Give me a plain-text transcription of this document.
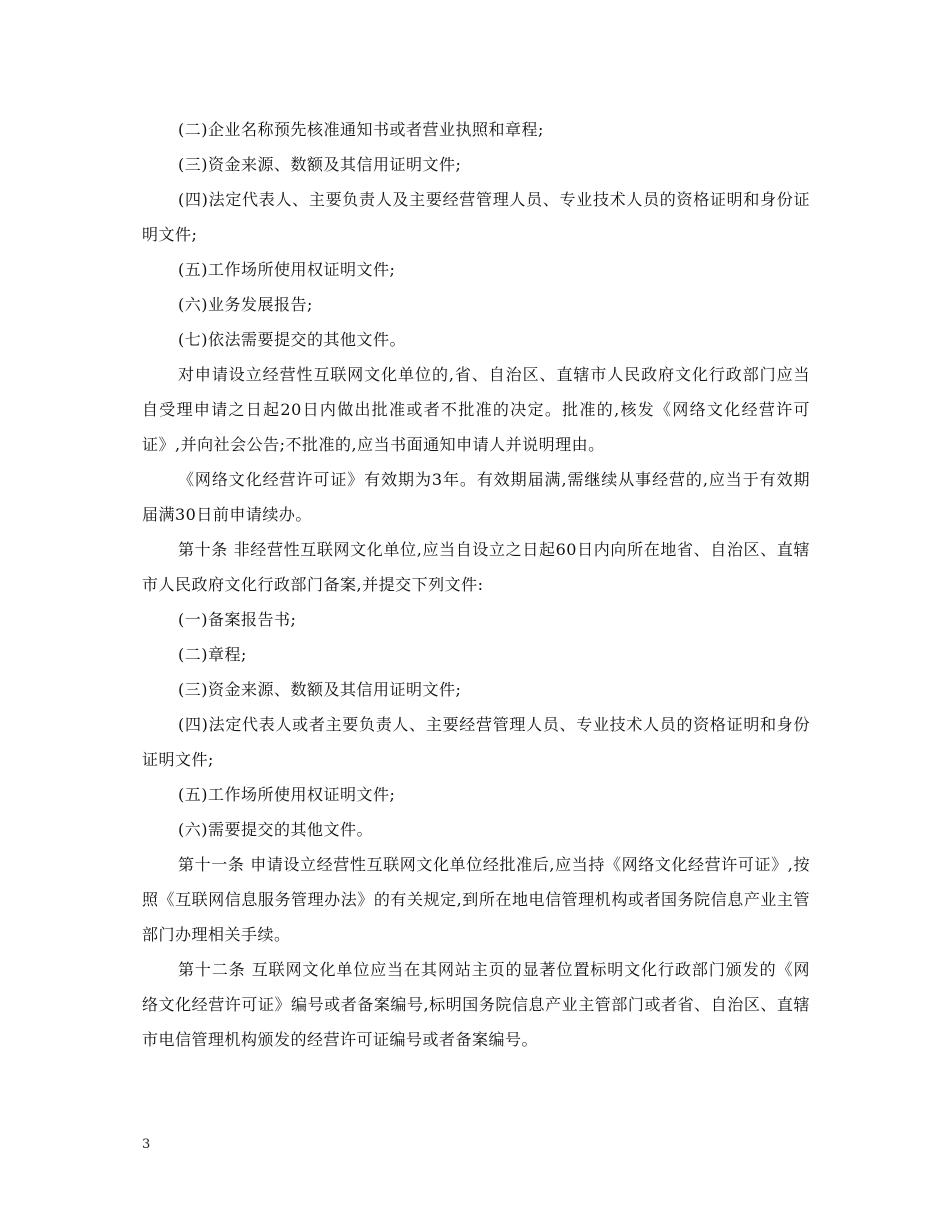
(二)企业名称预先核准通知书或者营业执照和章程;

(三)资金来源、数额及其信用证明文件;

(四)法定代表人、主要负责人及主要经营管理人员、专业技术人员的资格证明和身份证明文件;

(五)工作场所使用权证明文件;

(六)业务发展报告;

(七)依法需要提交的其他文件。

对申请设立经营性互联网文化单位的,省、自治区、直辖市人民政府文化行政部门应当自受理申请之日起20日内做出批准或者不批准的决定。批准的,核发《网络文化经营许可证》,并向社会公告;不批准的,应当书面通知申请人并说明理由。

《网络文化经营许可证》有效期为3年。有效期届满,需继续从事经营的,应当于有效期届满30日前申请续办。

第十条 非经营性互联网文化单位,应当自设立之日起60日内向所在地省、自治区、直辖市人民政府文化行政部门备案,并提交下列文件:

(一)备案报告书;

(二)章程;

(三)资金来源、数额及其信用证明文件;

(四)法定代表人或者主要负责人、主要经营管理人员、专业技术人员的资格证明和身份证明文件;

(五)工作场所使用权证明文件;

(六)需要提交的其他文件。

第十一条 申请设立经营性互联网文化单位经批准后,应当持《网络文化经营许可证》,按照《互联网信息服务管理办法》的有关规定,到所在地电信管理机构或者国务院信息产业主管部门办理相关手续。

第十二条 互联网文化单位应当在其网站主页的显著位置标明文化行政部门颁发的《网络文化经营许可证》编号或者备案编号,标明国务院信息产业主管部门或者省、自治区、直辖市电信管理机构颁发的经营许可证编号或者备案编号。

3
